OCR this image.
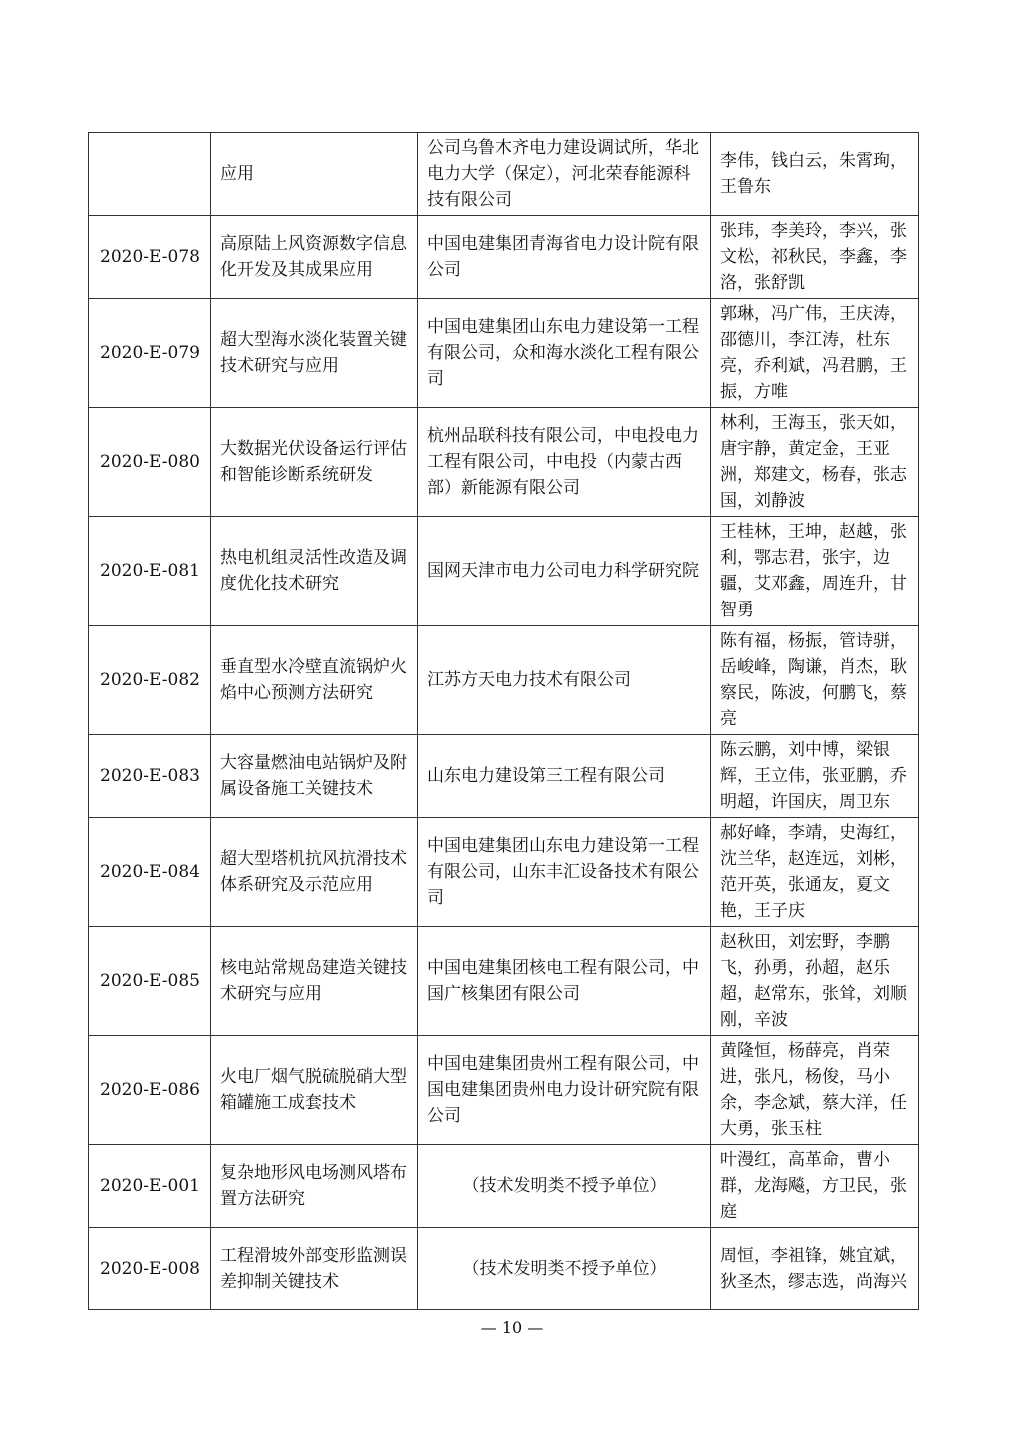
	应用	公司乌鲁木齐电力建设调试所，华北电力大学（保定），河北荣春能源科技有限公司	李伟，钱白云，朱霄珣，王鲁东
2020-E-078	高原陆上风资源数字信息化开发及其成果应用	中国电建集团青海省电力设计院有限公司	张玮，李美玲，李兴，张文松，祁秋民，李鑫，李洛，张舒凯
2020-E-079	超大型海水淡化装置关键技术研究与应用	中国电建集团山东电力建设第一工程有限公司，众和海水淡化工程有限公司	郭琳，冯广伟，王庆涛，邵德川，李江涛，杜东亮，乔利斌，冯君鹏，王振，方唯
2020-E-080	大数据光伏设备运行评估和智能诊断系统研发	杭州品联科技有限公司，中电投电力工程有限公司，中电投（内蒙古西部）新能源有限公司	林利，王海玉，张天如，唐宇静，黄定金，王亚洲，郑建文，杨春，张志国，刘静波
2020-E-081	热电机组灵活性改造及调度优化技术研究	国网天津市电力公司电力科学研究院	王桂林，王坤，赵越，张利，鄂志君，张宇，边疆，艾邓鑫，周连升，甘智勇
2020-E-082	垂直型水冷壁直流锅炉火焰中心预测方法研究	江苏方天电力技术有限公司	陈有福，杨振，管诗骈，岳峻峰，陶谦，肖杰，耿察民，陈波，何鹏飞，蔡亮
2020-E-083	大容量燃油电站锅炉及附属设备施工关键技术	山东电力建设第三工程有限公司	陈云鹏，刘中博，梁银辉，王立伟，张亚鹏，乔明超，许国庆，周卫东
2020-E-084	超大型塔机抗风抗滑技术体系研究及示范应用	中国电建集团山东电力建设第一工程有限公司，山东丰汇设备技术有限公司	郝好峰，李靖，史海红，沈兰华，赵连远，刘彬，范开英，张通友，夏文艳，王子庆
2020-E-085	核电站常规岛建造关键技术研究与应用	中国电建集团核电工程有限公司，中国广核集团有限公司	赵秋田，刘宏野，李鹏飞，孙勇，孙超，赵乐超，赵常东，张耸，刘顺刚，辛波
2020-E-086	火电厂烟气脱硫脱硝大型箱罐施工成套技术	中国电建集团贵州工程有限公司，中国电建集团贵州电力设计研究院有限公司	黄隆恒，杨薛亮，肖荣进，张凡，杨俊，马小余，李念斌，蔡大洋，任大勇，张玉柱
2020-E-001	复杂地形风电场测风塔布置方法研究	（技术发明类不授予单位）	叶漫红，高革命，曹小群，龙海飚，方卫民，张庭
2020-E-008	工程滑坡外部变形监测误差抑制关键技术	（技术发明类不授予单位）	周恒，李祖锋，姚宜斌，狄圣杰，缪志选，尚海兴
— 10 —
